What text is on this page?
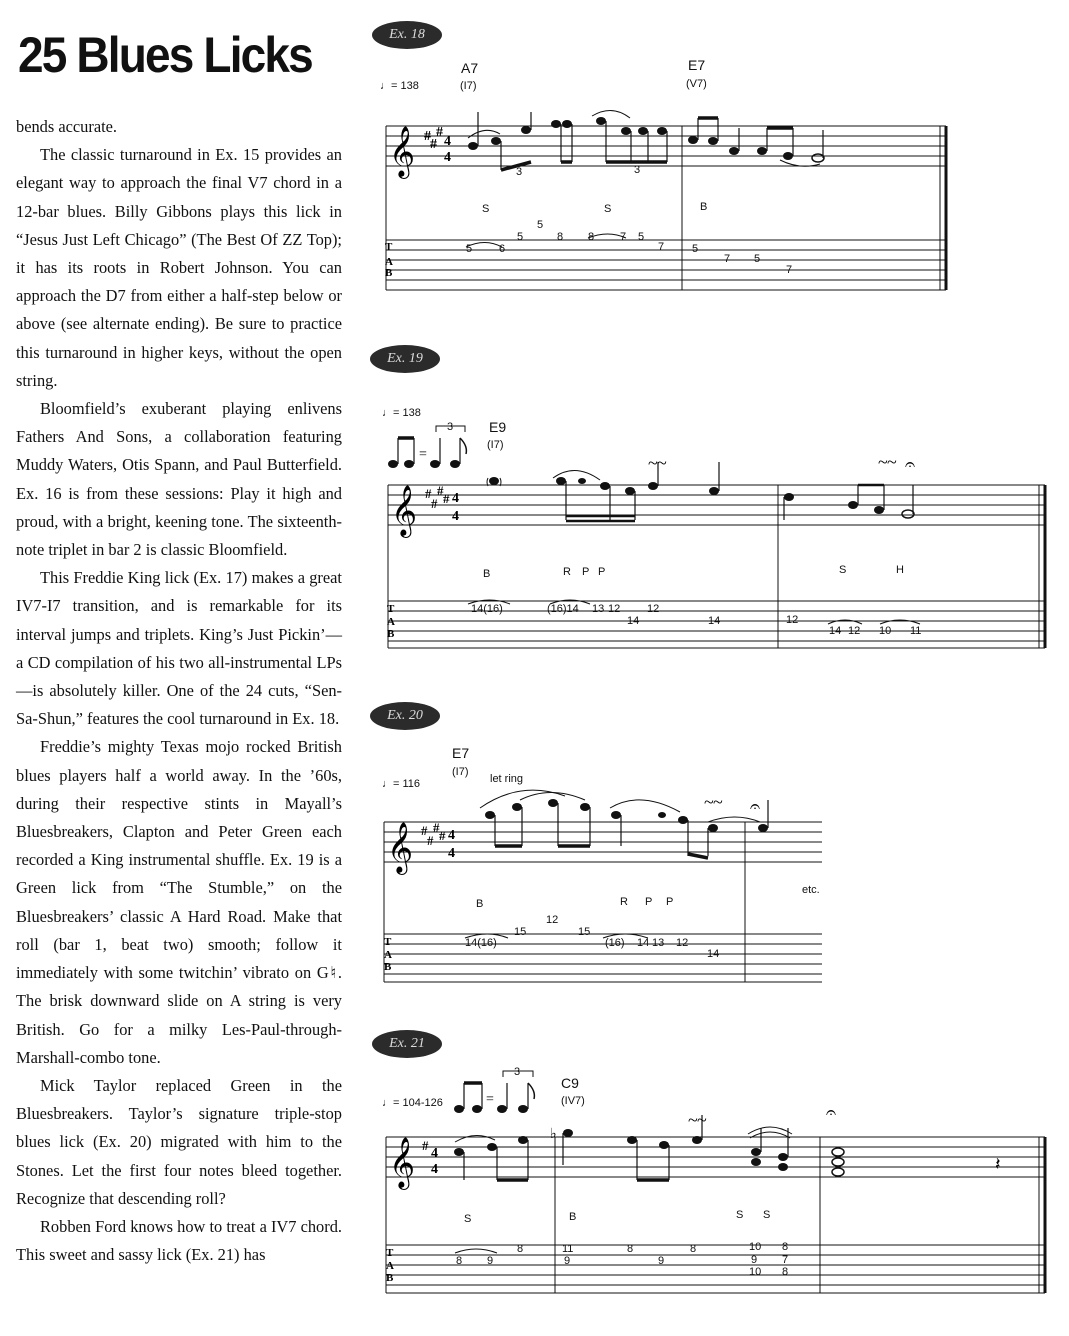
25 Blues Licks

bends accurate.

The classic turnaround in Ex. 15 provides an elegant way to approach the final V7 chord in a 12-bar blues. Billy Gibbons plays this lick in “Jesus Just Left Chicago” (The Best Of ZZ Top); it has its roots in Robert Johnson. You can approach the D7 from either a half-step below or above (see alternate ending). Be sure to practice this turnaround in higher keys, without the open string.

Bloomfield’s exuberant playing enlivens Fathers And Sons, a collaboration featuring Muddy Waters, Otis Spann, and Paul Butterfield. Ex. 16 is from these sessions: Play it high and proud, with a bright, keening tone. The sixteenth-note triplet in bar 2 is classic Bloomfield.

This Freddie King lick (Ex. 17) makes a great IV7-I7 transition, and is remarkable for its interval jumps and triplets. King’s Just Pickin’—a CD compilation of his two all-instrumental LPs—is absolutely killer. One of the 24 cuts, “Sen-Sa-Shun,” features the cool turnaround in Ex. 18.

Freddie’s mighty Texas mojo rocked British blues players half a world away. In the ’60s, during their respective stints in Mayall’s Bluesbreakers, Clapton and Peter Green each recorded a King instrumental shuffle. Ex. 19 is a Green lick from “The Stumble,” on the Bluesbreakers’ classic A Hard Road. Make that roll (bar 1, beat two) smooth; follow it immediately with some twitchin’ vibrato on G♮. The brisk downward slide on A string is very British. Go for a milky Les-Paul-through-Marshall-combo tone.

Mick Taylor replaced Green in the Bluesbreakers. Taylor’s signature triple-stop blues lick (Ex. 20) migrated with him to the Stones. Let the first four notes bleed together. Recognize that descending roll?

Robben Ford knows how to treat a IV7 chord. This sweet and sassy lick (Ex. 21) has

Ex. 18
♩= 138
A7
(I7)
E7
(V7)
S	S	B
3	3
𝄞 #
#
#
4
4
T
A
B
5 6
5
5
8 8 7 5
7	5
7 5
7
Ex. 19
♩= 138
3	E9
(I7)
B	R P P	S	H
=
𝄞 #
#
#
# 4
4
~ ~	~ ~ 𝄐
T
A
B
14(16)	(16)14 13 12
14
12
14	12
14 12 10 11
Ex. 20
♩= 116
E7
(I7)
let ring
B	R P P
etc.
𝄞 #
#
#
# 4
4
~ ~ 𝄐
T
A
B
14(16)
15
12
15
(16) 14 13 12
14
Ex. 21
♩= 104-126
3
C9
(IV7)
S	B	S S
=
𝄞 #
4
4
♭
𝄽
~ ~	𝄐
T
A
B
8 9
8	11
9
8
9
8	10
9
10
8
7
8
T
